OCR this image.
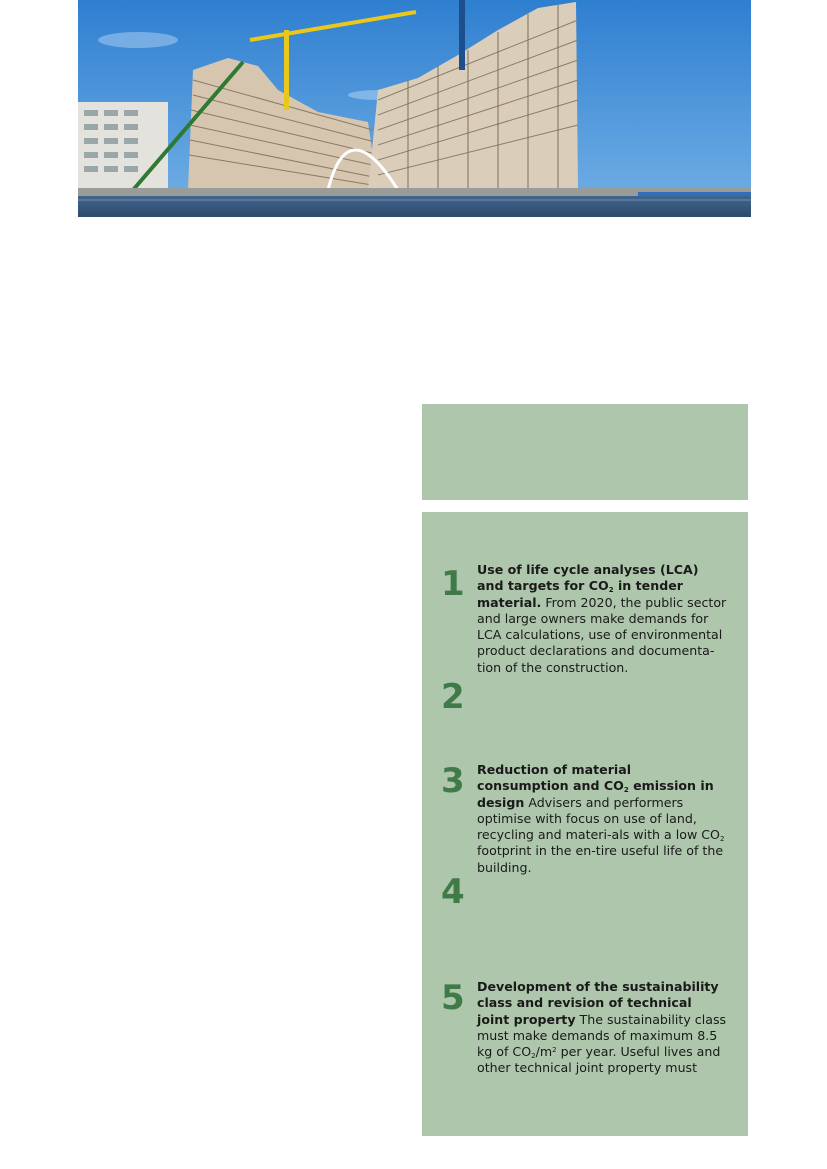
1 Use of life cycle analyses (LCA) and targets for $CO_2$ in tender material. From 2020, the public sector and large owners make demands for LCA calculations, use of environmental product declarations and documenta-tion of the construction.
2
3 Reduction of material consumption and $CO_2$ emission in design Advisers and performers optimise with focus on use of land, recycling and materi-als with a low $CO_2$ footprint in the en-tire useful life of the building.
4
5 Development of the sustainability class and revision of technical joint property The sustainability class must make demands of maximum 8.5 kg of $CO_2/m^2$ per year. Useful lives and other technical joint property must
